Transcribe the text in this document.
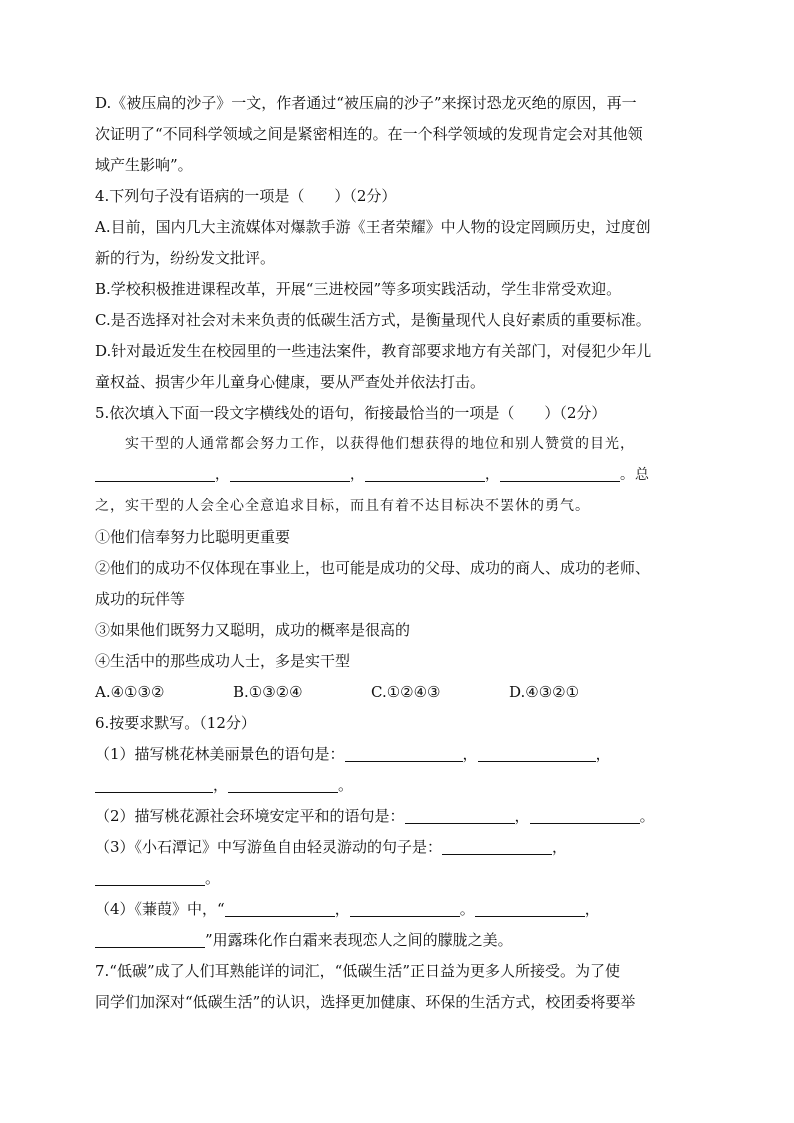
D.《被压扁的沙子》一文，作者通过“被压扁的沙子”来探讨恐龙灭绝的原因，再一
次证明了“不同科学领域之间是紧密相连的。在一个科学领域的发现肯定会对其他领
域产生影响”。
4.下列句子没有语病的一项是（　　）（2分）
A.目前，国内几大主流媒体对爆款手游《王者荣耀》中人物的设定罔顾历史，过度创
新的行为，纷纷发文批评。
B.学校积极推进课程改革，开展“三进校园”等多项实践活动，学生非常受欢迎。
C.是否选择对社会对未来负责的低碳生活方式，是衡量现代人良好素质的重要标准。
D.针对最近发生在校园里的一些违法案件，教育部要求地方有关部门，对侵犯少年儿
童权益、损害少年儿童身心健康，要从严查处并依法打击。
5.依次填入下面一段文字横线处的语句，衔接最恰当的一项是（　　）（2分）
实干型的人通常都会努力工作，以获得他们想获得的地位和别人赞赏的目光，
，	，	，	。总
之，实干型的人会全心全意追求目标，而且有着不达目标决不罢休的勇气。
①他们信奉努力比聪明更重要
②他们的成功不仅体现在事业上，也可能是成功的父母、成功的商人、成功的老师、
成功的玩伴等
③如果他们既努力又聪明，成功的概率是很高的
④生活中的那些成功人士，多是实干型
A.④①③②	B.①③②④	C.①②④③	D.④③②①
6.按要求默写。（12分）
（1）描写桃花林美丽景色的语句是：	，	，
，	。
（2）描写桃花源社会环境安定平和的语句是：	，	。
（3）《小石潭记》中写游鱼自由轻灵游动的句子是：	，
。
（4）《蒹葭》中，“	，	。	，
”用露珠化作白霜来表现恋人之间的朦胧之美。
7.“低碳”成了人们耳熟能详的词汇，“低碳生活”正日益为更多人所接受。为了使
同学们加深对“低碳生活”的认识，选择更加健康、环保的生活方式，校团委将要举
